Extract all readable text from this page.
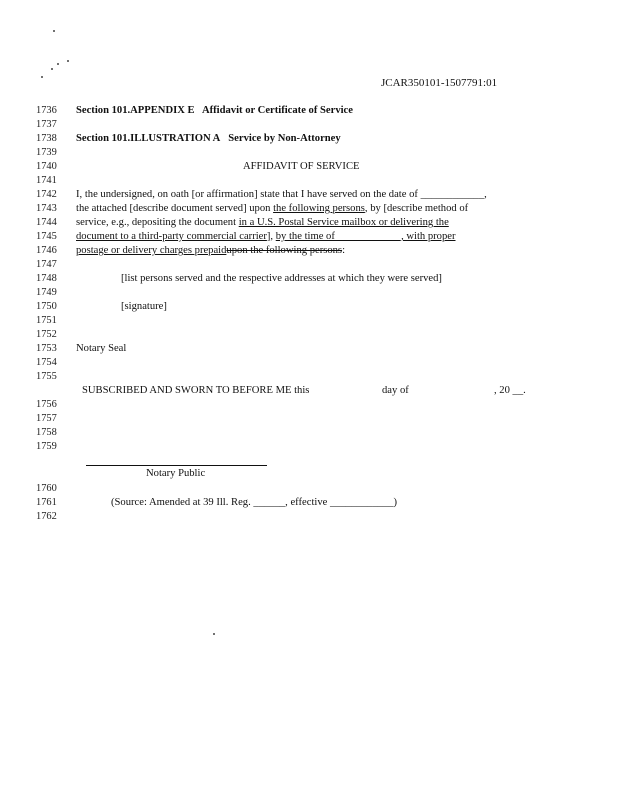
JCAR350101-1507791:01
1736
1737
1738
1739
1740
1741
1742
1743
1744
1745
1746
1747
1748
1749
1750
1751
1752
1753
1754
1755
1756
1757
1758
1759
1760
1761
1762
Section 101.APPENDIX E Affidavit or Certificate of Service
Section 101.ILLUSTRATION A Service by Non-Attorney
AFFIDAVIT OF SERVICE
I, the undersigned, on oath [or affirmation] state that I have served on the date of ____________,
the attached [describe document served] upon the following persons, by [describe method of
service, e.g., depositing the document in a U.S. Postal Service mailbox or delivering the
document to a third-party commercial carrier], by the time of ____________, with proper
postage or delivery charges prepaidupon the following persons:
[list persons served and the respective addresses at which they were served]
[signature]
Notary Seal
SUBSCRIBED AND SWORN TO BEFORE ME this	day of	, 20 __.
Notary Public
(Source: Amended at 39 Ill. Reg. ______, effective ____________)
